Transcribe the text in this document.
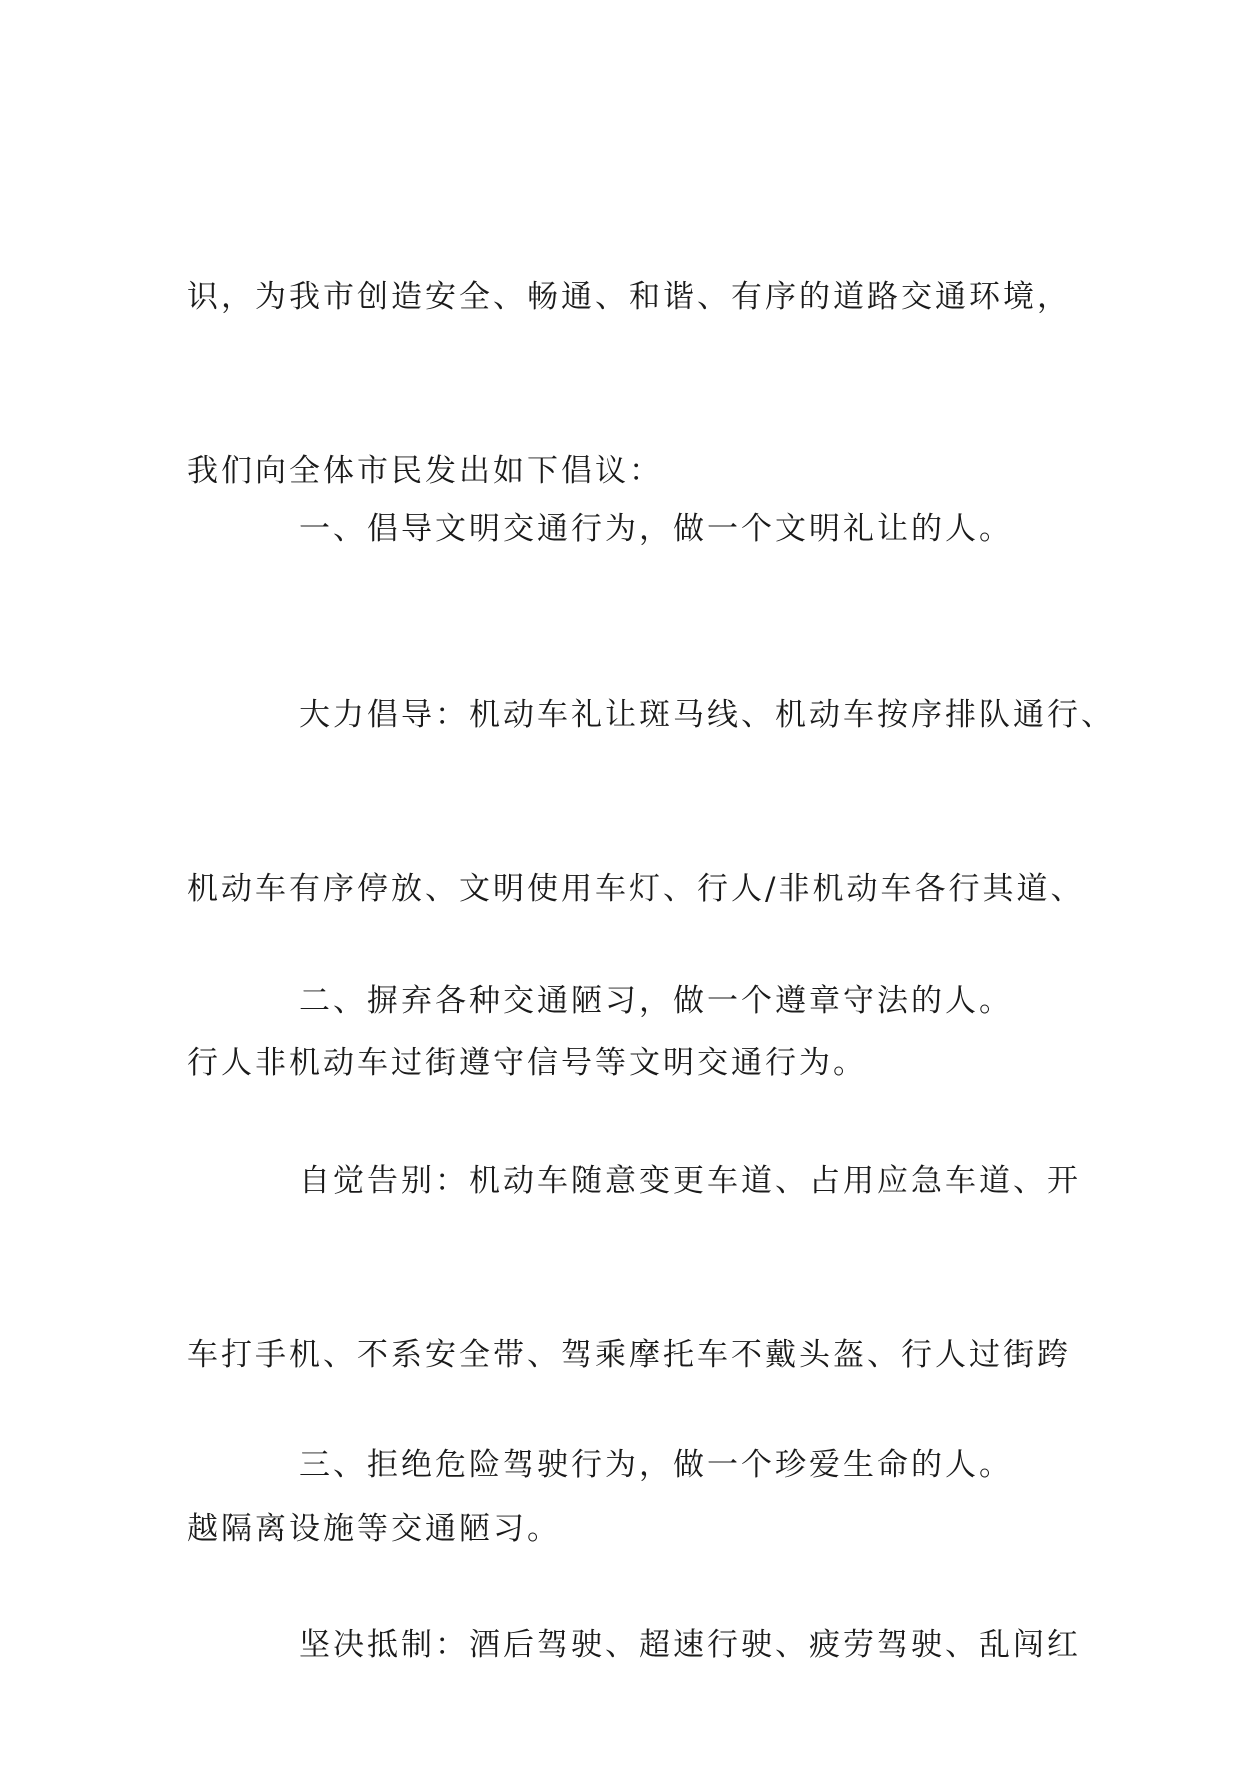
识，为我市创造安全、畅通、和谐、有序的道路交通环境，

我们向全体市民发出如下倡议：

一、倡导文明交通行为，做一个文明礼让的人。

大力倡导：机动车礼让斑马线、机动车按序排队通行、

机动车有序停放、文明使用车灯、行人/非机动车各行其道、

行人非机动车过街遵守信号等文明交通行为。

二、摒弃各种交通陋习，做一个遵章守法的人。

自觉告别：机动车随意变更车道、占用应急车道、开

车打手机、不系安全带、驾乘摩托车不戴头盔、行人过街跨

越隔离设施等交通陋习。

三、拒绝危险驾驶行为，做一个珍爱生命的人。

坚决抵制：酒后驾驶、超速行驶、疲劳驾驶、乱闯红
